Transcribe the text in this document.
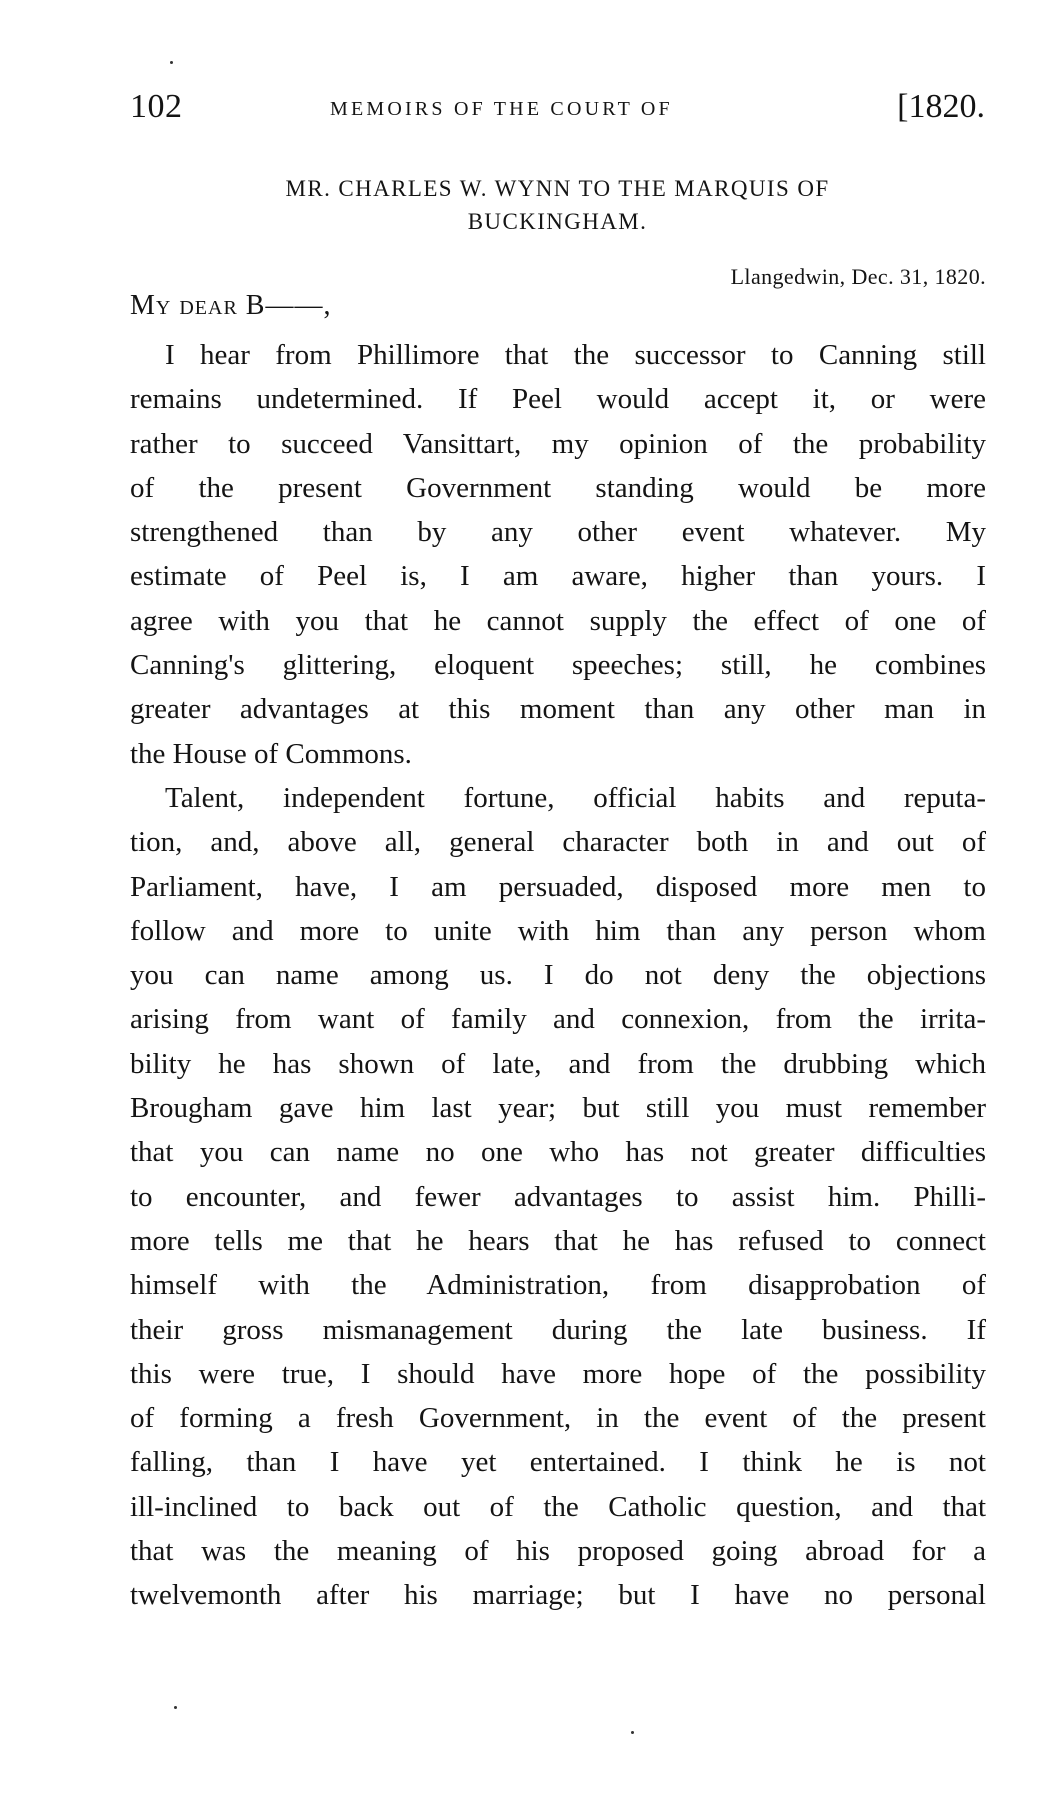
102	MEMOIRS OF THE COURT OF	[1820.
MR. CHARLES W. WYNN TO THE MARQUIS OF
BUCKINGHAM.
Llangedwin, Dec. 31, 1820.
My dear B——,
I hear from Phillimore that the successor to Canning still
remains undetermined. If Peel would accept it, or were
rather to succeed Vansittart, my opinion of the probability
of the present Government standing would be more
strengthened than by any other event whatever. My
estimate of Peel is, I am aware, higher than yours. I
agree with you that he cannot supply the effect of one of
Canning's glittering, eloquent speeches; still, he combines
greater advantages at this moment than any other man in
the House of Commons.
Talent, independent fortune, official habits and reputa-
tion, and, above all, general character both in and out of
Parliament, have, I am persuaded, disposed more men to
follow and more to unite with him than any person whom
you can name among us. I do not deny the objections
arising from want of family and connexion, from the irrita-
bility he has shown of late, and from the drubbing which
Brougham gave him last year; but still you must remember
that you can name no one who has not greater difficulties
to encounter, and fewer advantages to assist him. Philli-
more tells me that he hears that he has refused to connect
himself with the Administration, from disapprobation of
their gross mismanagement during the late business. If
this were true, I should have more hope of the possibility
of forming a fresh Government, in the event of the present
falling, than I have yet entertained. I think he is not
ill-inclined to back out of the Catholic question, and that
that was the meaning of his proposed going abroad for a
twelvemonth after his marriage; but I have no personal
